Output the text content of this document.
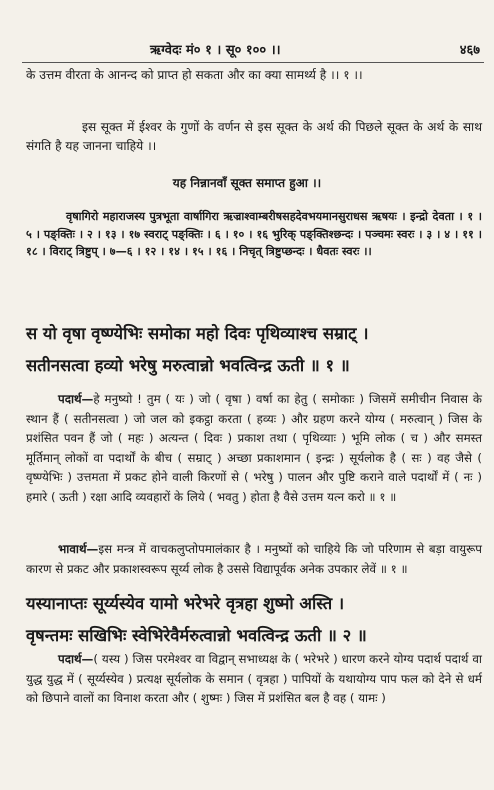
ऋग्वेदः मं० १ । सू० १०० ।।	४६७
के उत्तम वीरता के आनन्द को प्राप्त हो सकता और का क्या सामर्थ्य है ।। १ ।।
इस सूक्त में ईश्वर के गुणों के वर्णन से इस सूक्त के अर्थ की पिछले सूक्त के अर्थ के साथ संगति है यह जानना चाहिये ।।
यह निन्नानवाँ सूक्त समाप्त हुआ ।।
वृषागिरो महाराजस्य पुत्रभूता वार्षागिरा ऋज्राश्वाम्बरीषसहदेवभयमानसुराधस ऋषयः । इन्द्रो देवता । १ । ५ । पङ्क्तिः । २ । १३ । १७ स्वराट् पङ्क्तिः । ६ । १० । १६ भुरिक् पङ्क्तिश्छन्दः । पञ्चमः स्वरः । ३ । ४ । ११ । १८ । विराट् त्रिष्टुप् । ७—६ । १२ । १४ । १५ । १६ । निचृत् त्रिष्टुप्छन्दः । धैवतः स्वरः ।।
स यो वृषा वृष्ण्येभिः समोका महो दिवः पृथिव्याश्च सम्राट् ।
सतीनसत्वा हव्यो भरेषु मरुत्वान्नो भवत्विन्द्र ऊती ॥ १ ॥
पदार्थ—हे मनुष्यो ! तुम ( यः ) जो ( वृषा ) वर्षा का हेतु ( समोकाः ) जिसमें समीचीन निवास के स्थान हैं ( सतीनसत्वा ) जो जल को इकट्ठा करता ( हव्यः ) और ग्रहण करने योग्य ( मरुत्वान् ) जिस के प्रशंसित पवन हैं जो ( महः ) अत्यन्त ( दिवः ) प्रकाश तथा ( पृथिव्याः ) भूमि लोक ( च ) और समस्त मूर्तिमान् लोकों वा पदार्थों के बीच ( सम्राट् ) अच्छा प्रकाशमान ( इन्द्रः ) सूर्यलोक है ( सः ) वह जैसे ( वृष्ण्येभिः ) उत्तमता में प्रकट होने वाली किरणों से ( भरेषु ) पालन और पुष्टि कराने वाले पदार्थों में ( नः ) हमारे ( ऊती ) रक्षा आदि व्यवहारों के लिये ( भवतु ) होता है वैसे उत्तम यत्न करो ॥ १ ॥
भावार्थ—इस मन्त्र में वाचकलुप्तोपमालंकार है । मनुष्यों को चाहिये कि जो परिणाम से बड़ा वायुरूप कारण से प्रकट और प्रकाशस्वरूप सूर्य्य लोक है उससे विद्यापूर्वक अनेक उपकार लेवें ॥ १ ॥
यस्यानाप्तः सूर्य्यस्येव यामो भरेभरे वृत्रहा शुष्मो अस्ति ।
वृषन्तमः सखिभिः स्वेभिरेवैर्मरुत्वान्नो भवत्विन्द्र ऊती ॥ २ ॥
पदार्थ—( यस्य ) जिस परमेश्वर वा विद्वान् सभाध्यक्ष के ( भरेभरे ) धारण करने योग्य पदार्थ पदार्थ वा युद्ध युद्ध में ( सूर्य्यस्येव ) प्रत्यक्ष सूर्यलोक के समान ( वृत्रहा ) पापियों के यथायोग्य पाप फल को देने से धर्म को छिपाने वालों का विनाश करता और ( शुष्मः ) जिस में प्रशंसित बल है वह ( यामः )
